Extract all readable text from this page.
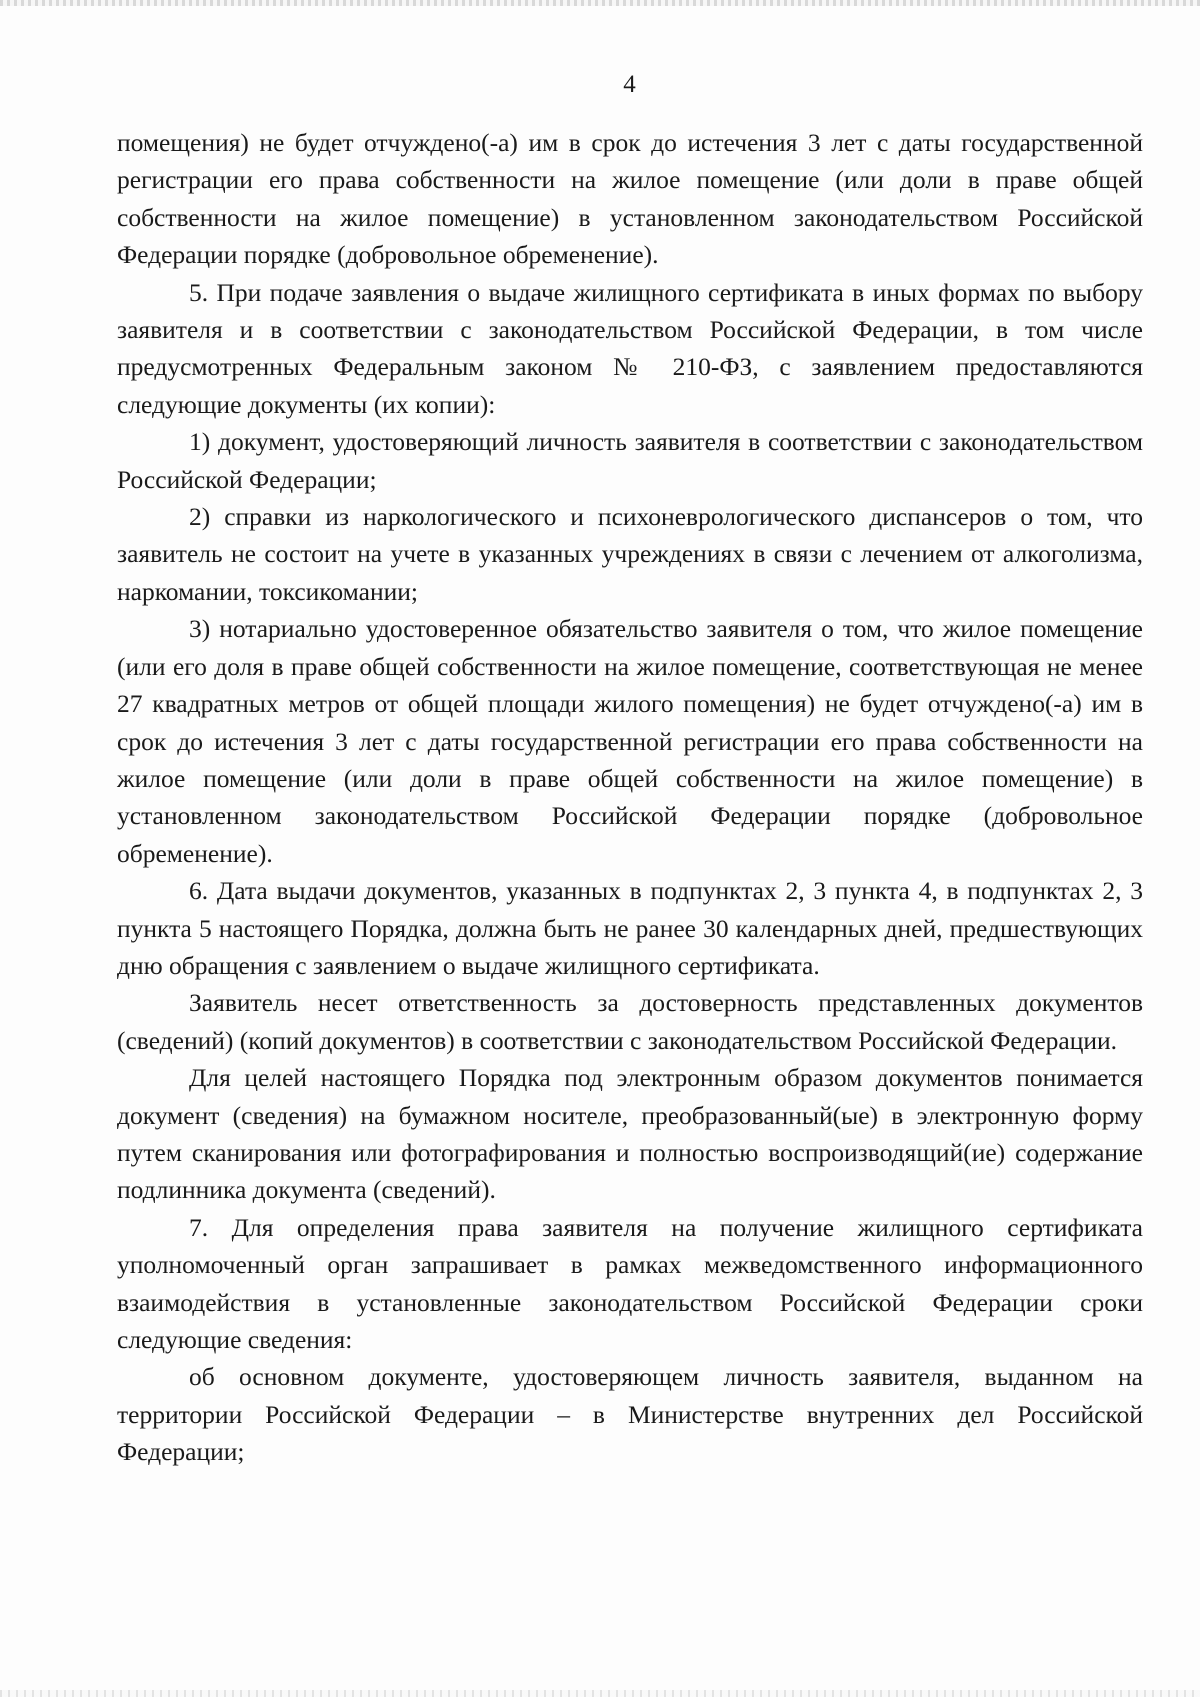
4

помещения) не будет отчуждено(-а) им в срок до истечения 3 лет с даты государственной регистрации его права собственности на жилое помещение (или доли в праве общей собственности на жилое помещение) в установленном законодательством Российской Федерации порядке (добровольное обременение).

5. При подаче заявления о выдаче жилищного сертификата в иных формах по выбору заявителя и в соответствии с законодательством Российской Федерации, в том числе предусмотренных Федеральным законом № 210-ФЗ, с заявлением предоставляются следующие документы (их копии):

1) документ, удостоверяющий личность заявителя в соответствии с законодательством Российской Федерации;

2) справки из наркологического и психоневрологического диспансеров о том, что заявитель не состоит на учете в указанных учреждениях в связи с лечением от алкоголизма, наркомании, токсикомании;

3) нотариально удостоверенное обязательство заявителя о том, что жилое помещение (или его доля в праве общей собственности на жилое помещение, соответствующая не менее 27 квадратных метров от общей площади жилого помещения) не будет отчуждено(-а) им в срок до истечения 3 лет с даты государственной регистрации его права собственности на жилое помещение (или доли в праве общей собственности на жилое помещение) в установленном законодательством Российской Федерации порядке (добровольное обременение).

6. Дата выдачи документов, указанных в подпунктах 2, 3 пункта 4, в подпунктах 2, 3 пункта 5 настоящего Порядка, должна быть не ранее 30 календарных дней, предшествующих дню обращения с заявлением о выдаче жилищного сертификата.

Заявитель несет ответственность за достоверность представленных документов (сведений) (копий документов) в соответствии с законодательством Российской Федерации.

Для целей настоящего Порядка под электронным образом документов понимается документ (сведения) на бумажном носителе, преобразованный(ые) в электронную форму путем сканирования или фотографирования и полностью воспроизводящий(ие) содержание подлинника документа (сведений).

7. Для определения права заявителя на получение жилищного сертификата уполномоченный орган запрашивает в рамках межведомственного информационного взаимодействия в установленные законодательством Российской Федерации сроки следующие сведения:

об основном документе, удостоверяющем личность заявителя, выданном на территории Российской Федерации – в Министерстве внутренних дел Российской Федерации;
